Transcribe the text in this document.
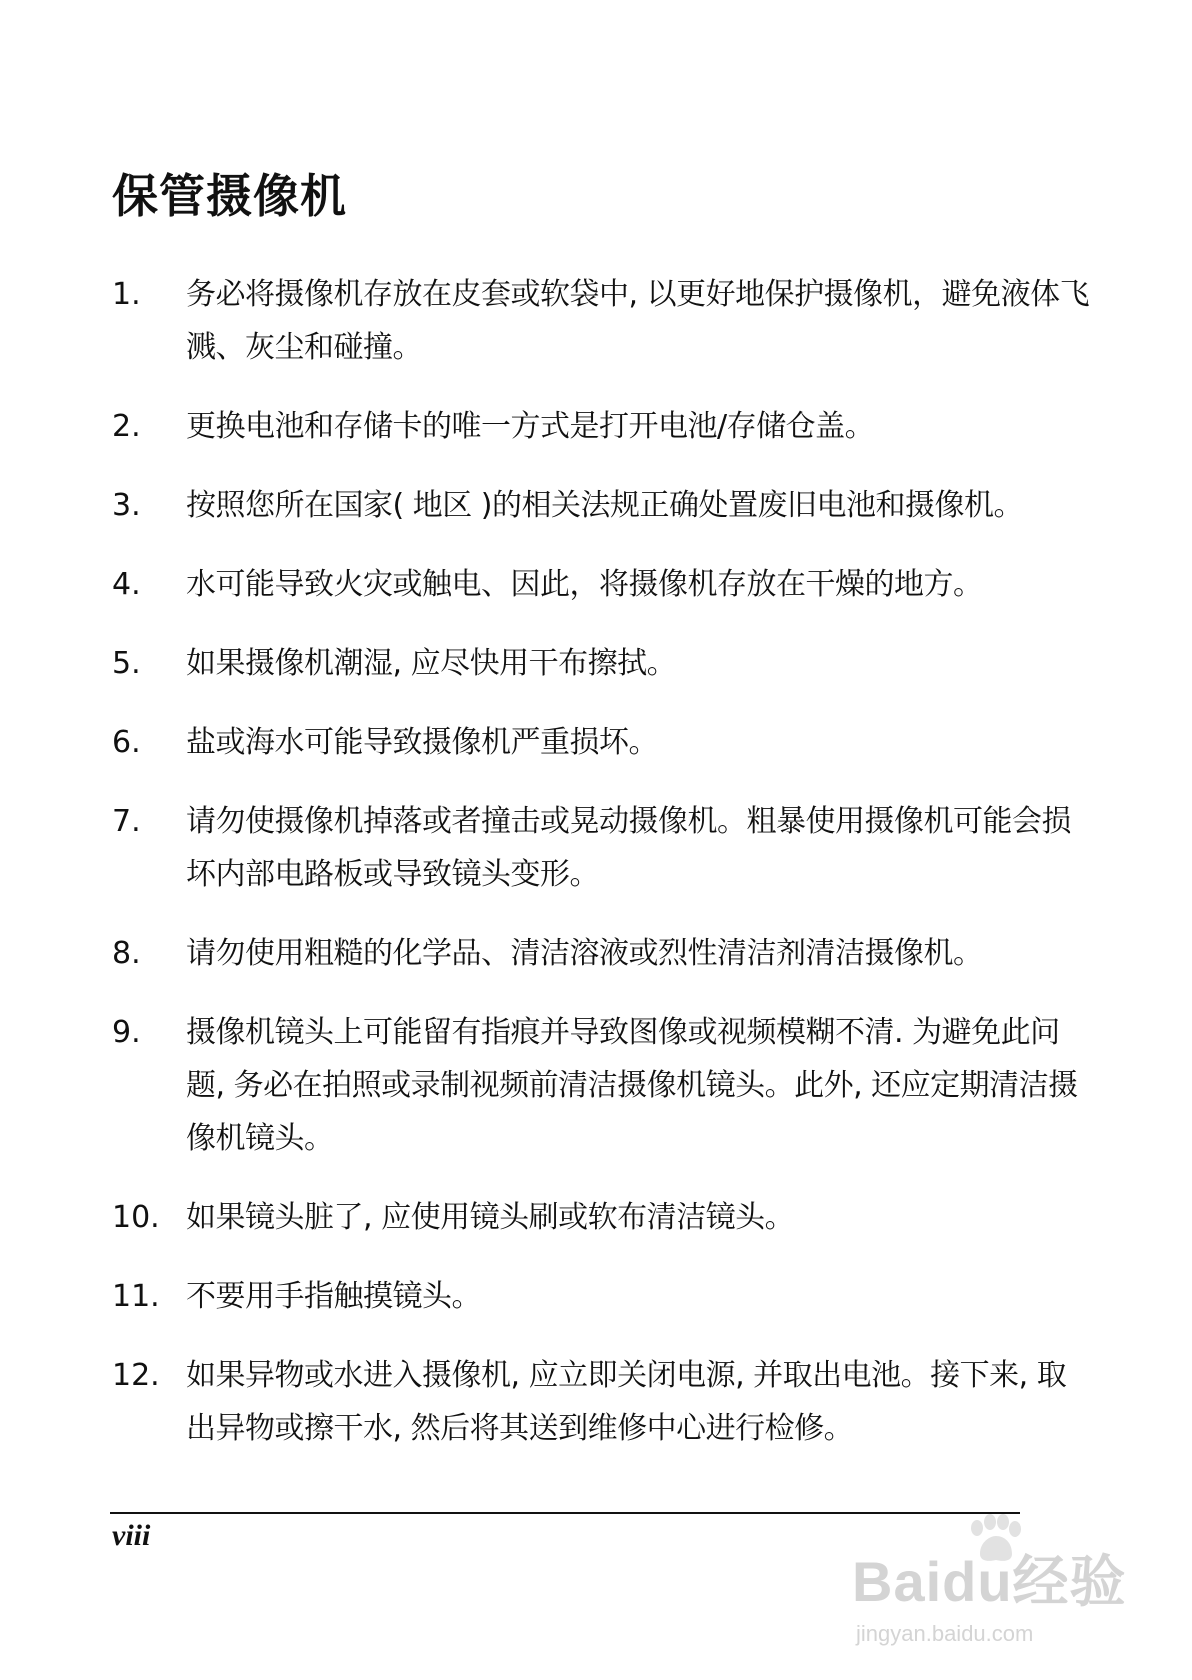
保管摄像机
1.	务必将摄像机存放在皮套或软袋中, 以更好地保护摄像机，避免液体飞溅、灰尘和碰撞。
2.	更换电池和存储卡的唯一方式是打开电池/存储仓盖。
3.	按照您所在国家( 地区 )的相关法规正确处置废旧电池和摄像机。
4.	水可能导致火灾或触电、因此，将摄像机存放在干燥的地方。
5.	如果摄像机潮湿, 应尽快用干布擦拭。
6.	盐或海水可能导致摄像机严重损坏。
7.	请勿使摄像机掉落或者撞击或晃动摄像机。粗暴使用摄像机可能会损坏内部电路板或导致镜头变形。
8.	请勿使用粗糙的化学品、清洁溶液或烈性清洁剂清洁摄像机。
9.	摄像机镜头上可能留有指痕并导致图像或视频模糊不清. 为避免此问题, 务必在拍照或录制视频前清洁摄像机镜头。此外, 还应定期清洁摄像机镜头。
10. 如果镜头脏了, 应使用镜头刷或软布清洁镜头。
11. 不要用手指触摸镜头。
12. 如果异物或水进入摄像机, 应立即关闭电源, 并取出电池。接下来, 取出异物或擦干水, 然后将其送到维修中心进行检修。
viii
Baidu经验
jingyan.baidu.com
